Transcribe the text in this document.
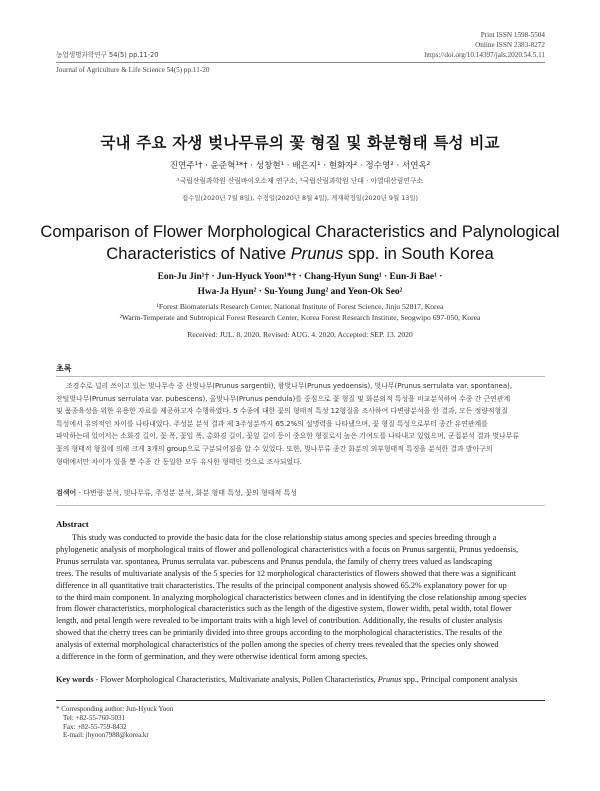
Print ISSN 1598-5504
Online ISSN 2383-8272
농업생명과학연구 54(5) pp.11-20	https://doi.org/10.14397/jals.2020.54.5.11
Journal of Agriculture & Life Science 54(5) pp.11-20
국내 주요 자생 벚나무류의 꽃 형질 및 화분형태 특성 비교
진연주¹† · 윤준혁¹*† · 성창현¹ · 배은지¹ · 현화자² · 정수영² · 서연옥²
¹국립산림과학원 산림바이오소재 연구소, ²국립산림과학원 난대 · 아열대산림연구소
접수일(2020년 7월 8일), 수정일(2020년 8월 4일), 게재확정일(2020년 9월 13일)
Comparison of Flower Morphological Characteristics and Palynological
Characteristics of Native Prunus spp. in South Korea
Eon-Ju Jin¹† · Jun-Hyuck Yoon¹*† · Chang-Hyun Sung¹ · Eun-Ji Bae¹ ·
Hwa-Ja Hyun² · Su-Young Jung² and Yeon-Ok Seo²
¹Forest Biomaterials Research Center, National Institute of Forest Science, Jinju 52817, Korea
²Warm-Temperate and Subtropical Forest Research Center, Korea Forest Research Institute, Seogwipo 697-050, Korea
Received: JUL. 8. 2020, Revised: AUG. 4. 2020, Accepted: SEP. 13. 2020
초록
조경수로 널리 쓰이고 있는 벚나무속 중 산벚나무(Prunus sargentii), 왕벚나무(Prunus yedoensis), 벚나무(Prunus serrulata var. spontanea),
잔털벚나무(Prunus serrulata var. pubescens), 올벚나무(Prunus pendula)를 중심으로 꽃 형질 및 화분외적 특성을 비교분석하여 수종 간 근연관계
및 품종육성을 위한 유용한 자료를 제공하고자 수행하였다. 5 수종에 대한 꽃의 형태적 특성 12형질을 조사하여 다변량분석을 한 결과, 모든 정량적형질
특성에서 유의적인 차이를 나타내었다. 주성분 분석 결과 제 3주성분까지 65.2%의 설명력을 나타냈으며, 꽃 형질 특성으로부터 종간 유연관계를
파악하는데 있어서는 소화경 길이, 꽃 폭, 꽃잎 폭, 총화경 길이, 꽃잎 길이 등이 중요한 형질로서 높은 기여도를 나타내고 있었으며, 군집분석 결과 벚나무류
꽃의 형태적 형질에 의해 크게 3개의 group으로 구분되어짐을 알 수 있었다. 또한, 벚나무류 종간 화분의 외부형태적 특징을 분석한 결과 발아구의
형태에서만 차이가 있을 뿐 수종 간 동일한 모두 유사한 형태인 것으로 조사되었다.
검색어 - 다변량 분석, 벚나무류, 주성분 분석, 화분 형태 특성, 꽃의 형태적 특성
Abstract
This study was conducted to provide the basic data for the close relationship status among species and species breeding through a
phylogenetic analysis of morphological traits of flower and pollenological characteristics with a focus on Prunus sargentii, Prunus yedoensis,
Prunus serrulata var. spontanea, Prunus serrulata var. pubescens and Prunus pendula, the family of cherry trees valued as landscaping
trees. The results of multivariate analysis of the 5 species for 12 morphological characteristics of flowers showed that there was a significant
difference in all quantitative trait characteristics. The results of the principal component analysis showed 65.2% explanatory power for up
to the third main component. In analyzing morphological characteristics between clones and in identifying the close relationship among species
from flower characteristics, morphological characteristics such as the length of the digestive system, flower width, petal width, total flower
length, and petal length were revealed to be important traits with a high level of contribution. Additionally, the results of cluster analysis
showed that the cherry trees can be primarily divided into three groups according to the morphological characteristics. The results of the
analysis of external morphological characteristics of the pollen among the species of cherry trees revealed that the species only showed
a difference in the form of germination, and they were otherwise identical form among species.
Key words - Flower Morphological Characteristics, Multivariate analysis, Pollen Characteristics, Prunus spp., Principal component analysis
* Corresponding author: Jun-Hyuck Yoon
Tel: +82-55-760-5031
Fax: +82-55-759-8432
E-mail: jhyoon7988@korea.kr
